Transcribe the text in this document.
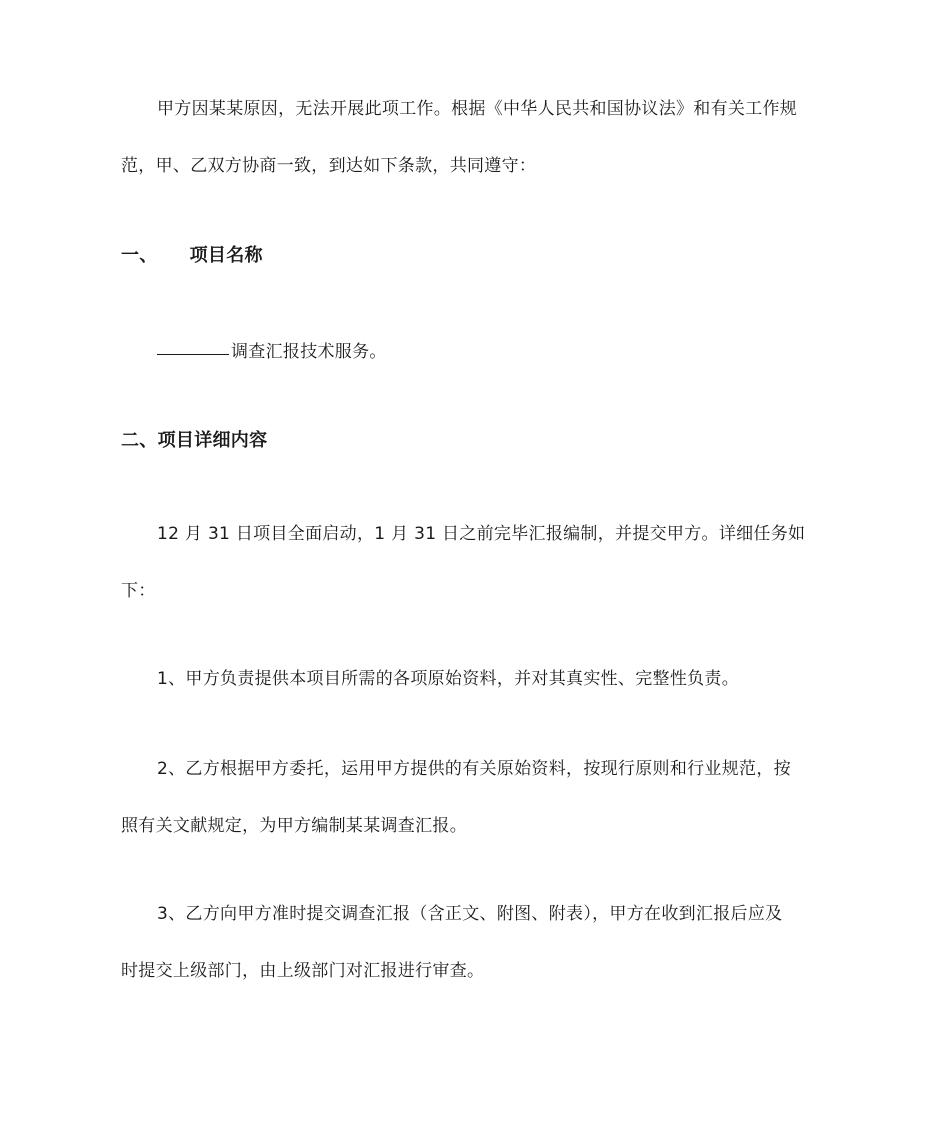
甲方因某某原因，无法开展此项工作。根据《中华人民共和国协议法》和有关工作规
范，甲、乙双方协商一致，到达如下条款，共同遵守：
一、 项目名称
调查汇报技术服务。
二、项目详细内容
12 月 31 日项目全面启动，1 月 31 日之前完毕汇报编制，并提交甲方。详细任务如
下：
1、甲方负责提供本项目所需的各项原始资料，并对其真实性、完整性负责。
2、乙方根据甲方委托，运用甲方提供的有关原始资料，按现行原则和行业规范，按
照有关文献规定，为甲方编制某某调查汇报。
3、乙方向甲方准时提交调查汇报（含正文、附图、附表），甲方在收到汇报后应及
时提交上级部门，由上级部门对汇报进行审查。
